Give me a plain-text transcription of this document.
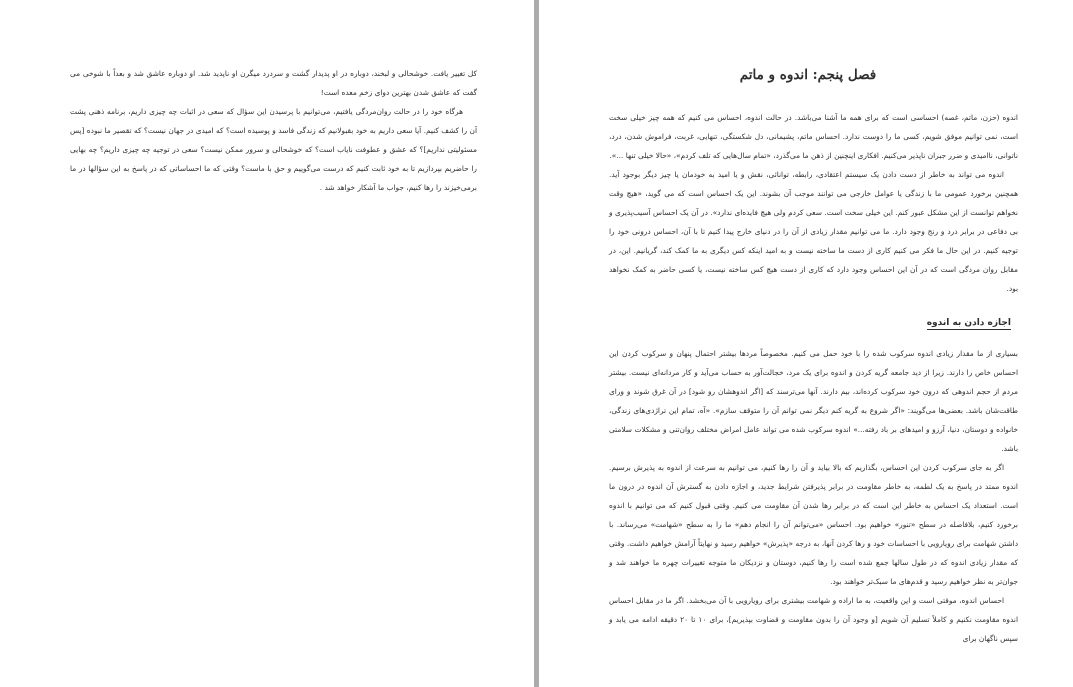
کل تغییر یافت. خوشحالی و لبخند، دوباره در او پدیدار گشت و سردرد میگرن او ناپدید شد. او دوباره عاشق شد و بعداً با شوخی می گفت که عاشق شدن بهترین دوای زخم معده است!

هرگاه خود را در حالت روان‌مردگی یافتیم، می‌توانیم با پرسیدن این سؤال که سعی در اثبات چه چیزی داریم، برنامه ذهنی پشت آن را کشف کنیم. آیا سعی داریم به خود بقبولانیم که زندگی فاسد و پوسیده است؟ که امیدی در جهان نیست؟ که تقصیر ما نبوده [پس مسئولیتی نداریم]؟ که عشق و عطوفت نایاب است؟ که خوشحالی و سرور ممکن نیست؟ سعی در توجیه چه چیزی داریم؟ چه بهایی را حاضریم بپردازیم تا به خود ثابت کنیم که درست می‌گوییم و حق با ماست؟ وقتی که ما احساساتی که در پاسخ به این سؤالها در ما برمی‌خیزند را رها کنیم، جواب ما آشکار خواهد شد .

فصل پنجم: اندوه و ماتم

اندوه (حزن، ماتم، غصه) احساسی است که برای همه ما آشنا می‌باشد. در حالت اندوه، احساس می کنیم که همه چیز خیلی سخت است، نمی توانیم موفق شویم، کسی ما را دوست ندارد. احساس ماتم، پشیمانی، دل شکستگی، تنهایی، غربت، فراموش شدن، درد، ناتوانی، ناامیدی و ضرر جبران ناپذیر می‌کنیم. افکاری اینچنین از ذهن ما می‌گذرد، «تمام سال‌هایی که تلف کردم»، «حالا خیلی تنها ...».

اندوه می تواند به خاطر از دست دادن یک سیستم اعتقادی، رابطه، توانائی، نقش و یا امید به خودمان یا چیز دیگر بوجود آید. همچنین برخورد عمومی ما با زندگی یا عوامل خارجی می توانند موجب آن بشوند. این یک احساس است که می گوید، «هیچ وقت نخواهم توانست از این مشکل عبور کنم. این خیلی سخت است. سعی کردم ولی هیچ فایده‌ای ندارد». در آن یک احساس آسیب‌پذیری و بی دفاعی در برابر درد و رنج وجود دارد. ما می توانیم مقدار زیادی از آن را در دنیای خارج پیدا کنیم تا با آن، احساس درونی خود را توجیه کنیم. در این حال ما فکر می کنیم کاری از دست ما ساخته نیست و به امید اینکه کس دیگری به ما کمک کند، گریانیم. این، در مقابل روان مردگی است که در آن این احساس وجود دارد که کاری از دست هیچ کس ساخته نیست، یا کسی حاضر به کمک نخواهد بود.

اجازه دادن به اندوه

بسیاری از ما مقدار زیادی اندوه سرکوب شده را با خود حمل می کنیم. مخصوصاً مردها بیشتر احتمال پنهان و سرکوب کردن این احساس خاص را دارند. زیرا از دید جامعه گریه کردن و اندوه برای یک مرد، خجالت‌آور به حساب می‌آید و کار مردانه‌ای نیست. بیشتر مردم از حجم اندوهی که درون خود سرکوب کرده‌اند، بیم دارند. آنها می‌ترسند که [اگر اندوهشان رو شود] در آن غرق شوند و ورای طاقت‌شان باشد. بعضی‌ها می‌گویند: «اگر شروع به گریه کنم دیگر نمی توانم آن را متوقف سازم». «آه، تمام این تراژدی‌های زندگی، خانواده و دوستان، دنیا، آرزو و امیدهای بر باد رفته...» اندوه سرکوب شده می تواند عامل امراض مختلف روان‌تنی و مشکلات سلامتی باشد.

اگر به جای سرکوب کردن این احساس، بگذاریم که بالا بیاید و آن را رها کنیم، می توانیم به سرعت از اندوه به پذیرش برسیم. اندوه ممتد در پاسخ به یک لطمه، به خاطر مقاومت در برابر پذیرفتن شرایط جدید، و اجازه دادن به گسترش آن اندوه در درون ما است. استعداد یک احساس به خاطر این است که در برابر رها شدن آن مقاومت می کنیم. وقتی قبول کنیم که می توانیم با اندوه برخورد کنیم، بلافاصله در سطح «تنور» خواهیم بود. احساس «می‌توانم آن را انجام دهم» ما را به سطح «شهامت» می‌رساند. با داشتن شهامت برای رویارویی با احساسات خود و رها کردن آنها، به درجه «پذیرش» خواهیم رسید و نهایتاً آرامش خواهیم داشت. وقتی که مقدار زیادی اندوه که در طول سالها جمع شده است را رها کنیم، دوستان و نزدیکان ما متوجه تغییرات چهره ما خواهند شد و جوان‌تر به نظر خواهیم رسید و قدم‌های ما سبک‌تر خواهند بود.

احساس اندوه، موقتی است و این واقعیت، به ما اراده و شهامت بیشتری برای رویارویی با آن می‌بخشد. اگر ما در مقابل احساس اندوه مقاومت نکنیم و کاملاً تسلیم آن شویم [و وجود آن را بدون مقاومت و قضاوت بپذیریم]، برای ۱۰ تا ۲۰ دقیقه ادامه می یابد و سپس ناگهان برای
